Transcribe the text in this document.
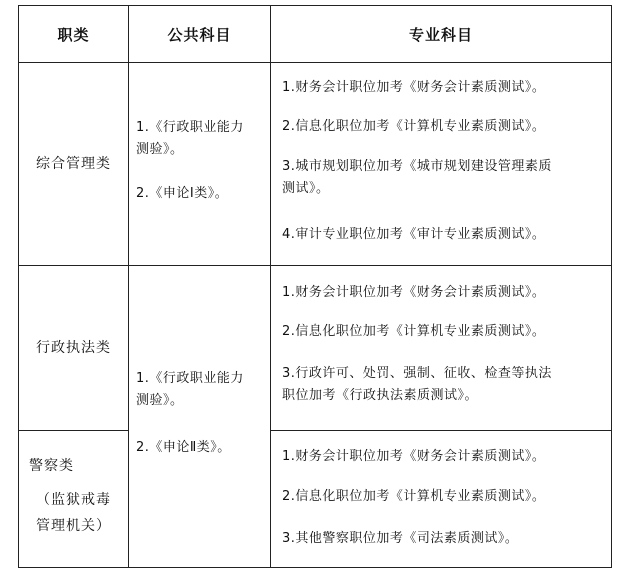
职类	公共科目	专业科目
综合管理类
1.《行政职业能力
测验》。
2.《申论Ⅰ类》。
1.财务会计职位加考《财务会计素质测试》。
2.信息化职位加考《计算机专业素质测试》。
3.城市规划职位加考《城市规划建设管理素质
测试》。
4.审计专业职位加考《审计专业素质测试》。
行政执法类
1.《行政职业能力
测验》。
2.《申论Ⅱ类》。
1.财务会计职位加考《财务会计素质测试》。
2.信息化职位加考《计算机专业素质测试》。
3.行政许可、处罚、强制、征收、检查等执法
职位加考《行政执法素质测试》。
警察类
（监狱戒毒
管理机关）
1.财务会计职位加考《财务会计素质测试》。
2.信息化职位加考《计算机专业素质测试》。
3.其他警察职位加考《司法素质测试》。
